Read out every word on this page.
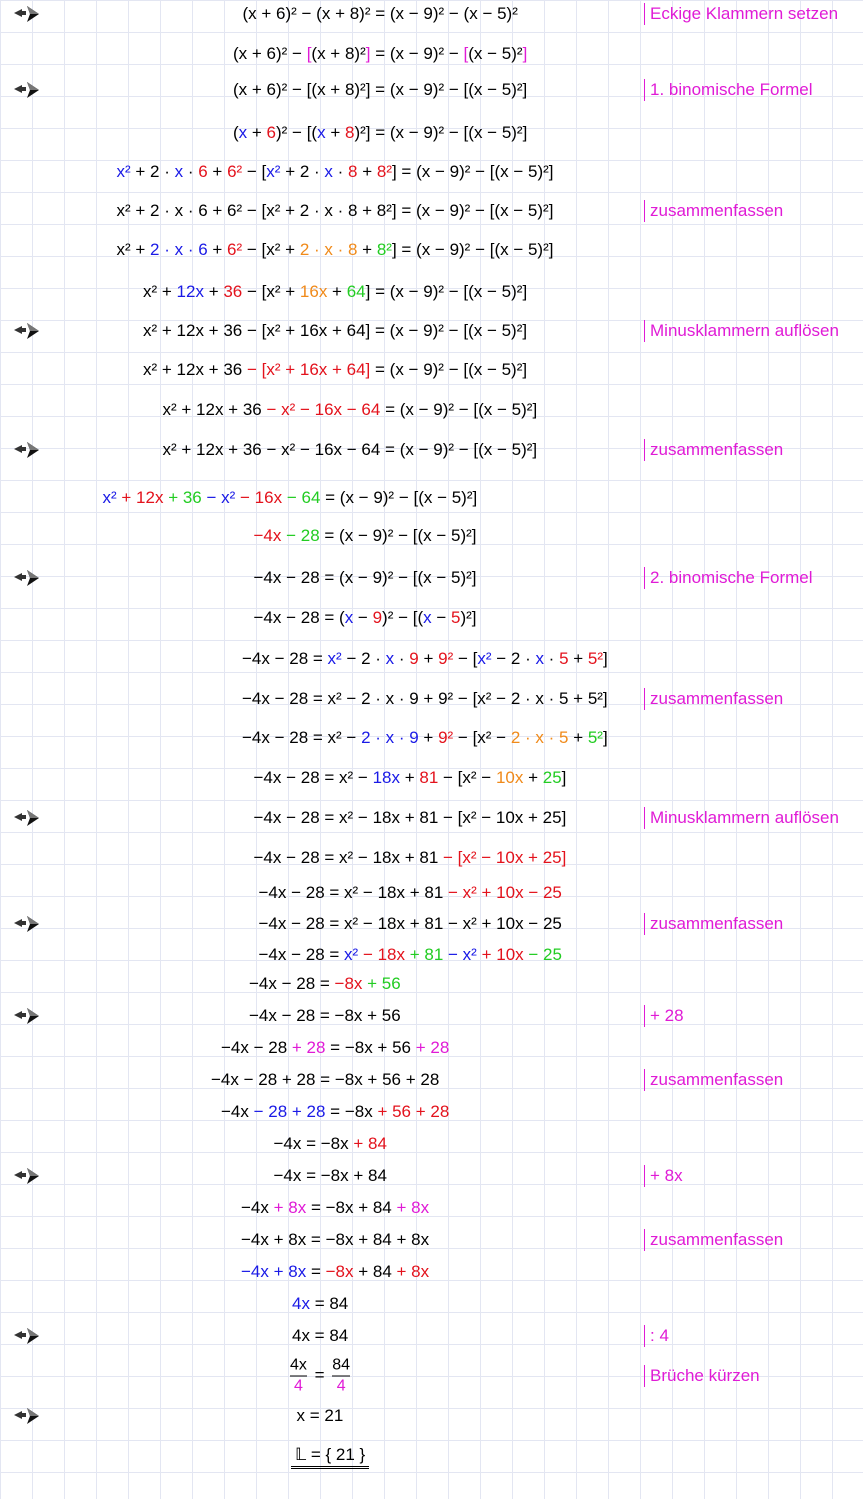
(x + 6)² − (x + 8)² = (x − 9)² − (x − 5)²	Eckige Klammern setzen
(x + 6)² − [(x + 8)²] = (x − 9)² − [(x − 5)²]
(x + 6)² − [(x + 8)²] = (x − 9)² − [(x − 5)²]	1. binomische Formel
(x + 6)² − [(x + 8)²] = (x − 9)² − [(x − 5)²]
x² + 2 · x · 6 + 6² − [x² + 2 · x · 8 + 8²] = (x − 9)² − [(x − 5)²]
x² + 2 · x · 6 + 6² − [x² + 2 · x · 8 + 8²] = (x − 9)² − [(x − 5)²]	zusammenfassen
x² + 2 · x · 6 + 6² − [x² + 2 · x · 8 + 8²] = (x − 9)² − [(x − 5)²]
x² + 12x + 36 − [x² + 16x + 64] = (x − 9)² − [(x − 5)²]
x² + 12x + 36 − [x² + 16x + 64] = (x − 9)² − [(x − 5)²]	Minusklammern auflösen
x² + 12x + 36 − [x² + 16x + 64] = (x − 9)² − [(x − 5)²]
x² + 12x + 36 − x² − 16x − 64 = (x − 9)² − [(x − 5)²]
x² + 12x + 36 − x² − 16x − 64 = (x − 9)² − [(x − 5)²]	zusammenfassen
x² + 12x + 36 − x² − 16x − 64 = (x − 9)² − [(x − 5)²]
−4x − 28 = (x − 9)² − [(x − 5)²]
−4x − 28 = (x − 9)² − [(x − 5)²]	2. binomische Formel
−4x − 28 = (x − 9)² − [(x − 5)²]
−4x − 28 = x² − 2 · x · 9 + 9² − [x² − 2 · x · 5 + 5²]
−4x − 28 = x² − 2 · x · 9 + 9² − [x² − 2 · x · 5 + 5²]	zusammenfassen
−4x − 28 = x² − 2 · x · 9 + 9² − [x² − 2 · x · 5 + 5²]
−4x − 28 = x² − 18x + 81 − [x² − 10x + 25]
−4x − 28 = x² − 18x + 81 − [x² − 10x + 25]	Minusklammern auflösen
−4x − 28 = x² − 18x + 81 − [x² − 10x + 25]
−4x − 28 = x² − 18x + 81 − x² + 10x − 25
−4x − 28 = x² − 18x + 81 − x² + 10x − 25	zusammenfassen
−4x − 28 = x² − 18x + 81 − x² + 10x − 25
−4x − 28 = −8x + 56
−4x − 28 = −8x + 56	+ 28
−4x − 28 + 28 = −8x + 56 + 28
−4x − 28 + 28 = −8x + 56 + 28	zusammenfassen
−4x − 28 + 28 = −8x + 56 + 28
−4x = −8x + 84
−4x = −8x + 84	+ 8x
−4x + 8x = −8x + 84 + 8x
−4x + 8x = −8x + 84 + 8x	zusammenfassen
−4x + 8x = −8x + 84 + 8x
4x = 84
4x = 84	: 4
$\frac{4x}{4} = \frac{84}{4}$	Brüche kürzen
x = 21
𝕃 = { 21 }
